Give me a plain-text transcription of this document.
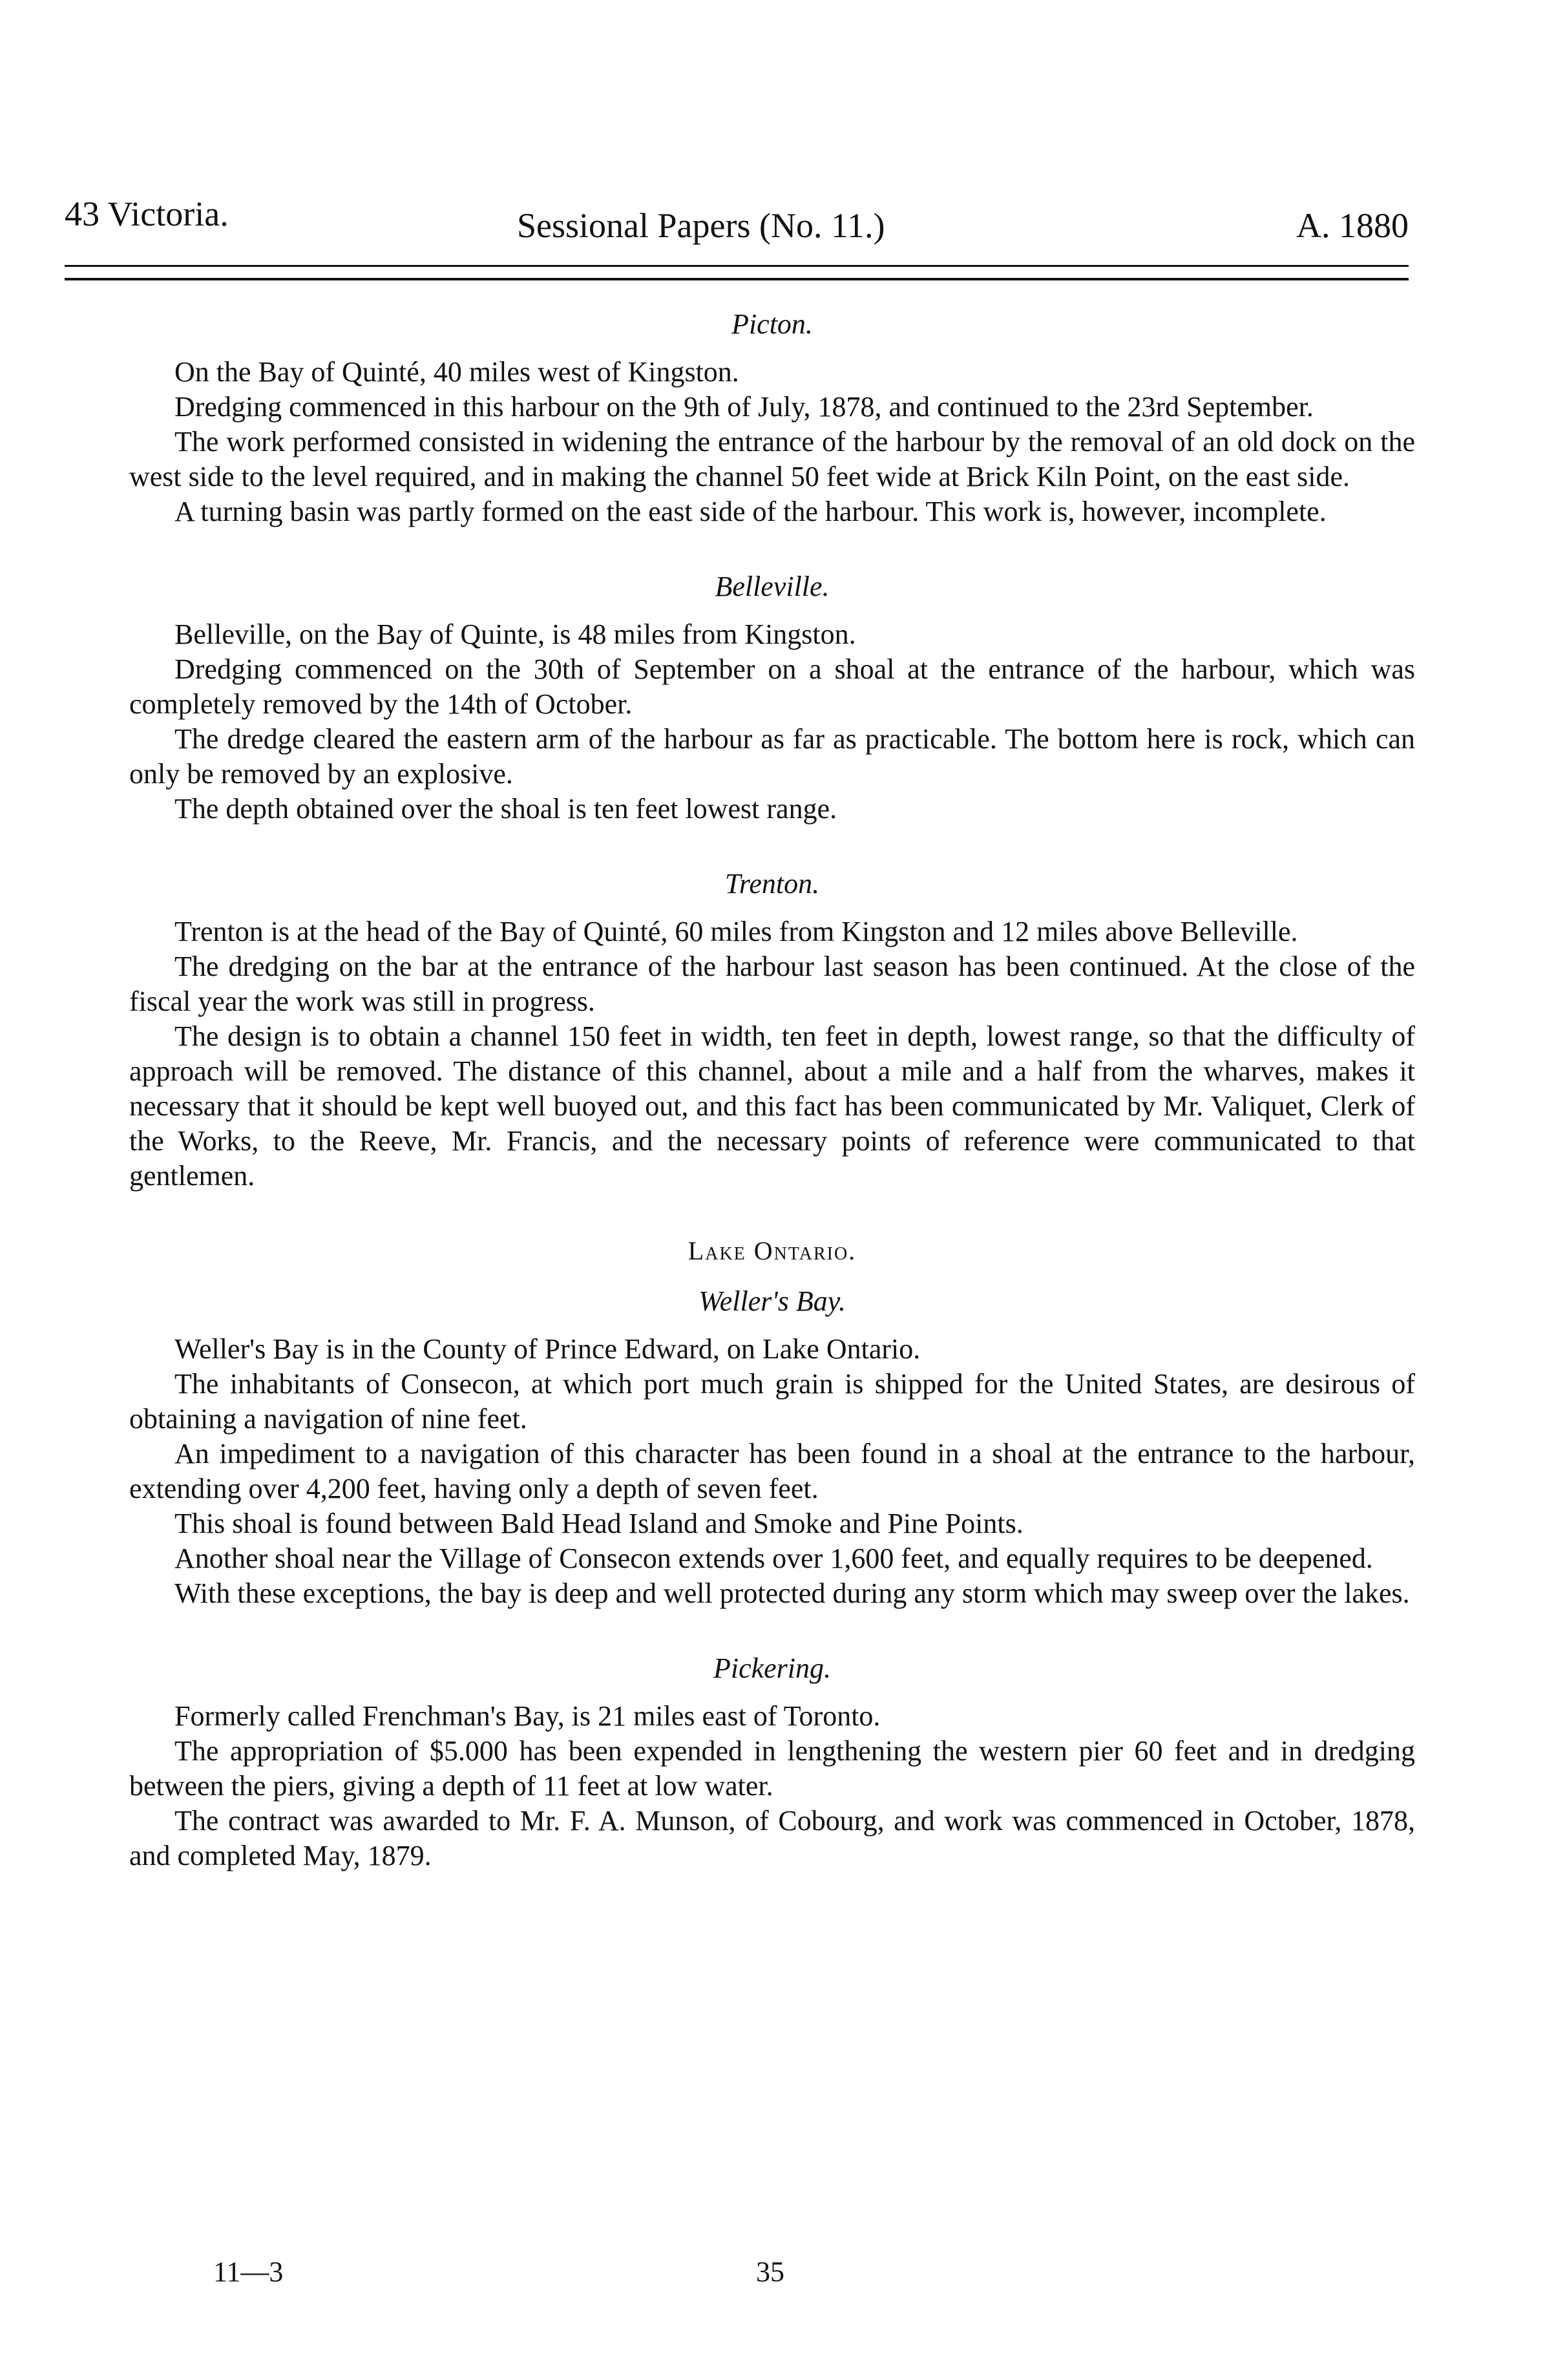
43 Victoria.	Sessional Papers (No. 11.)	A. 1880
Picton.

On the Bay of Quinté, 40 miles west of Kingston.

Dredging commenced in this harbour on the 9th of July, 1878, and continued to the 23rd September.

The work performed consisted in widening the entrance of the harbour by the removal of an old dock on the west side to the level required, and in making the channel 50 feet wide at Brick Kiln Point, on the east side.

A turning basin was partly formed on the east side of the harbour. This work is, however, incomplete.

Belleville.

Belleville, on the Bay of Quinte, is 48 miles from Kingston.

Dredging commenced on the 30th of September on a shoal at the entrance of the harbour, which was completely removed by the 14th of October.

The dredge cleared the eastern arm of the harbour as far as practicable. The bottom here is rock, which can only be removed by an explosive.

The depth obtained over the shoal is ten feet lowest range.

Trenton.

Trenton is at the head of the Bay of Quinté, 60 miles from Kingston and 12 miles above Belleville.

The dredging on the bar at the entrance of the harbour last season has been continued. At the close of the fiscal year the work was still in progress.

The design is to obtain a channel 150 feet in width, ten feet in depth, lowest range, so that the difficulty of approach will be removed. The distance of this channel, about a mile and a half from the wharves, makes it necessary that it should be kept well buoyed out, and this fact has been communicated by Mr. Valiquet, Clerk of the Works, to the Reeve, Mr. Francis, and the necessary points of reference were communicated to that gentlemen.

Lake Ontario.
Weller's Bay.

Weller's Bay is in the County of Prince Edward, on Lake Ontario.

The inhabitants of Consecon, at which port much grain is shipped for the United States, are desirous of obtaining a navigation of nine feet.

An impediment to a navigation of this character has been found in a shoal at the entrance to the harbour, extending over 4,200 feet, having only a depth of seven feet.

This shoal is found between Bald Head Island and Smoke and Pine Points.

Another shoal near the Village of Consecon extends over 1,600 feet, and equally requires to be deepened.

With these exceptions, the bay is deep and well protected during any storm which may sweep over the lakes.

Pickering.

Formerly called Frenchman's Bay, is 21 miles east of Toronto.

The appropriation of $5.000 has been expended in lengthening the western pier 60 feet and in dredging between the piers, giving a depth of 11 feet at low water.

The contract was awarded to Mr. F. A. Munson, of Cobourg, and work was commenced in October, 1878, and completed May, 1879.

11—3	35
